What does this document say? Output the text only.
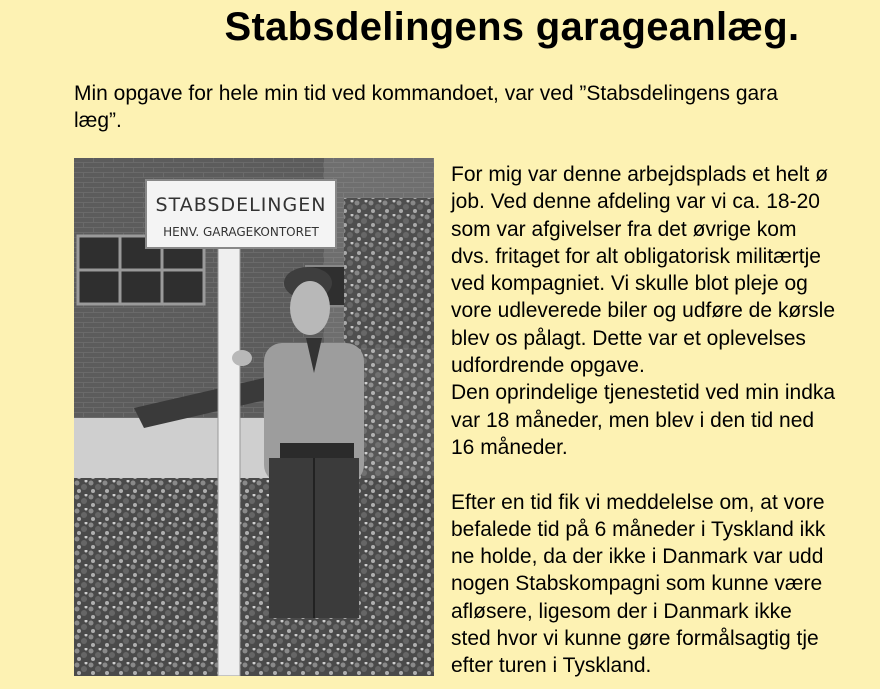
Stabsdelingens garageanlæg.

Min opgave for hele min tid ved kommandoet, var ved ”Stabsdelingens gara
læg”.

STABSDELINGEN
HENV. GARAGEKONTORET
For mig var denne arbejdsplads et helt ø
job. Ved denne afdeling var vi ca. 18-20
som var afgivelser fra det øvrige kom
dvs. fritaget for alt obligatorisk militærtje
ved kompagniet. Vi skulle blot pleje og
vore udleverede biler og udføre de kørsle
blev os pålagt. Dette var et oplevelses
udfordrende opgave.
Den oprindelige tjenestetid ved min indka
var 18 måneder, men blev i den tid ned
16 måneder.
Efter en tid fik vi meddelelse om, at vore
befalede tid på 6 måneder i Tyskland ikk
ne holde, da der ikke i Danmark var udd
nogen Stabskompagni som kunne være
afløsere, ligesom der i Danmark ikke
sted hvor vi kunne gøre formålsagtig tje
efter turen i Tyskland.
